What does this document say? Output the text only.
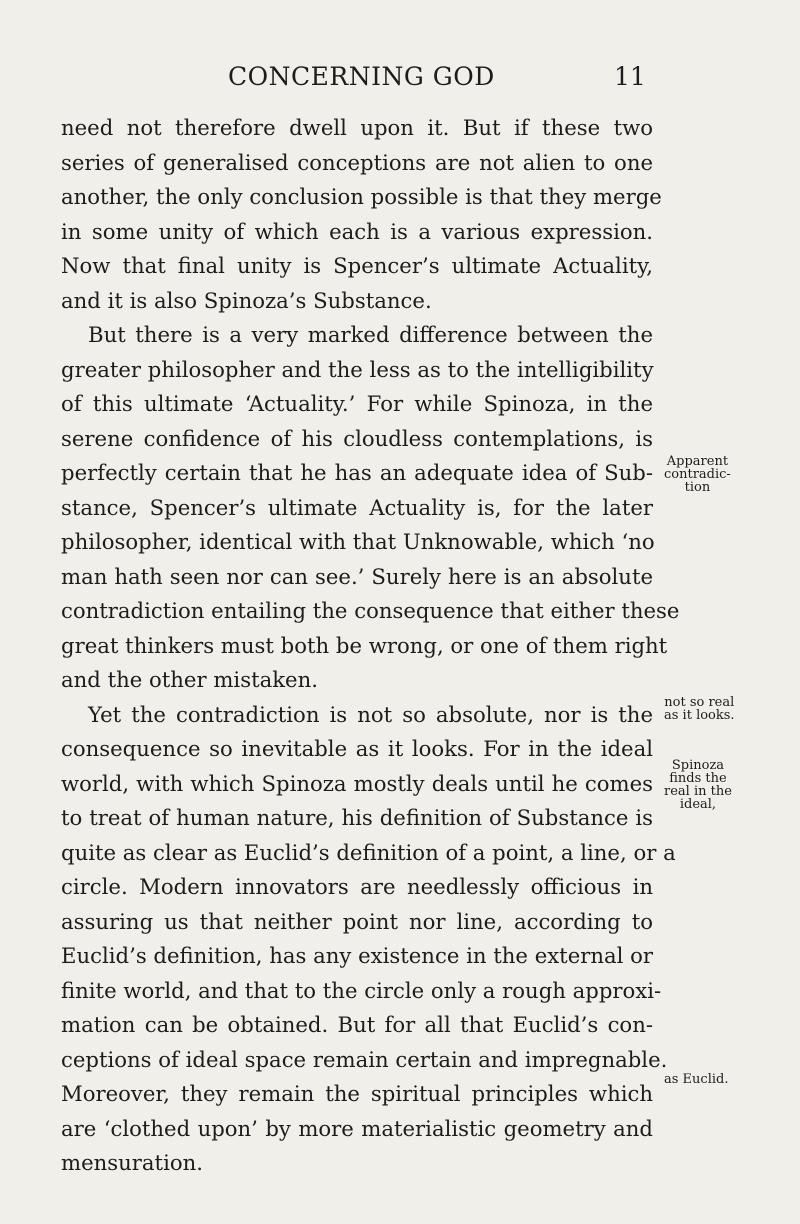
CONCERNING GOD	11
need not therefore dwell upon it. But if these two
series of generalised conceptions are not alien to one
another, the only conclusion possible is that they merge
in some unity of which each is a various expression.
Now that final unity is Spencer’s ultimate Actuality,
and it is also Spinoza’s Substance.
But there is a very marked difference between the
greater philosopher and the less as to the intelligibility
of this ultimate ‘Actuality.’ For while Spinoza, in the
serene confidence of his cloudless contemplations, is
perfectly certain that he has an adequate idea of Sub-
stance, Spencer’s ultimate Actuality is, for the later
philosopher, identical with that Unknowable, which ‘no
man hath seen nor can see.’ Surely here is an absolute
contradiction entailing the consequence that either these
great thinkers must both be wrong, or one of them right
and the other mistaken.
Yet the contradiction is not so absolute, nor is the
consequence so inevitable as it looks. For in the ideal
world, with which Spinoza mostly deals until he comes
to treat of human nature, his definition of Substance is
quite as clear as Euclid’s definition of a point, a line, or a
circle. Modern innovators are needlessly officious in
assuring us that neither point nor line, according to
Euclid’s definition, has any existence in the external or
finite world, and that to the circle only a rough approxi-
mation can be obtained. But for all that Euclid’s con-
ceptions of ideal space remain certain and impregnable.
Moreover, they remain the spiritual principles which
are ‘clothed upon’ by more materialistic geometry and
mensuration.
Apparent
contradic-
tion
not so real
as it looks.
Spinoza
finds the
real in the
ideal,
as Euclid.
